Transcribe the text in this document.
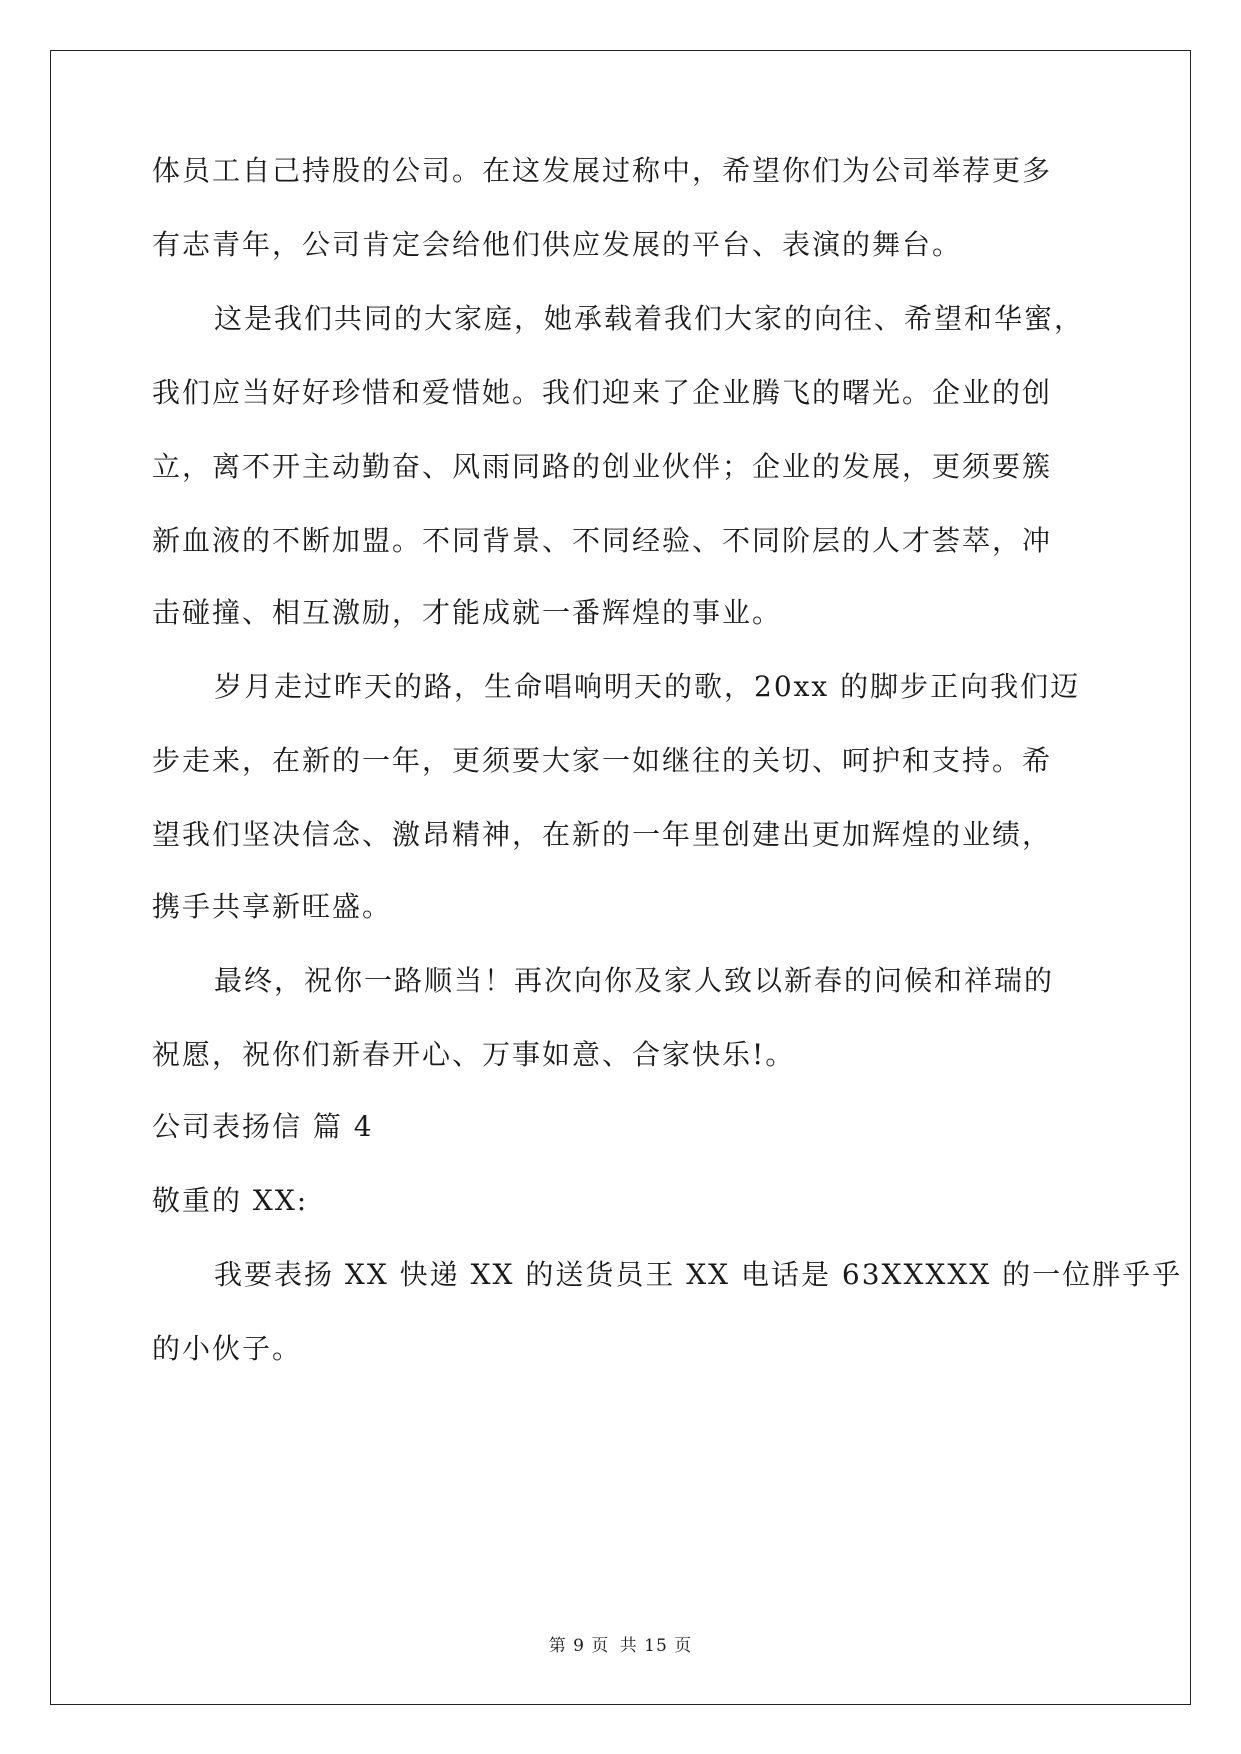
体员工自己持股的公司。在这发展过称中，希望你们为公司举荐更多
有志青年，公司肯定会给他们供应发展的平台、表演的舞台。
这是我们共同的大家庭，她承载着我们大家的向往、希望和华蜜，
我们应当好好珍惜和爱惜她。我们迎来了企业腾飞的曙光。企业的创
立，离不开主动勤奋、风雨同路的创业伙伴；企业的发展，更须要簇
新血液的不断加盟。不同背景、不同经验、不同阶层的人才荟萃，冲
击碰撞、相互激励，才能成就一番辉煌的事业。
岁月走过昨天的路，生命唱响明天的歌，20xx 的脚步正向我们迈
步走来，在新的一年，更须要大家一如继往的关切、呵护和支持。希
望我们坚决信念、激昂精神，在新的一年里创建出更加辉煌的业绩，
携手共享新旺盛。
最终，祝你一路顺当！再次向你及家人致以新春的问候和祥瑞的
祝愿，祝你们新春开心、万事如意、合家快乐!。
公司表扬信 篇 4
敬重的 XX:
我要表扬 XX 快递 XX 的送货员王 XX 电话是 63XXXXX 的一位胖乎乎
的小伙子。
第 9 页 共 15 页
